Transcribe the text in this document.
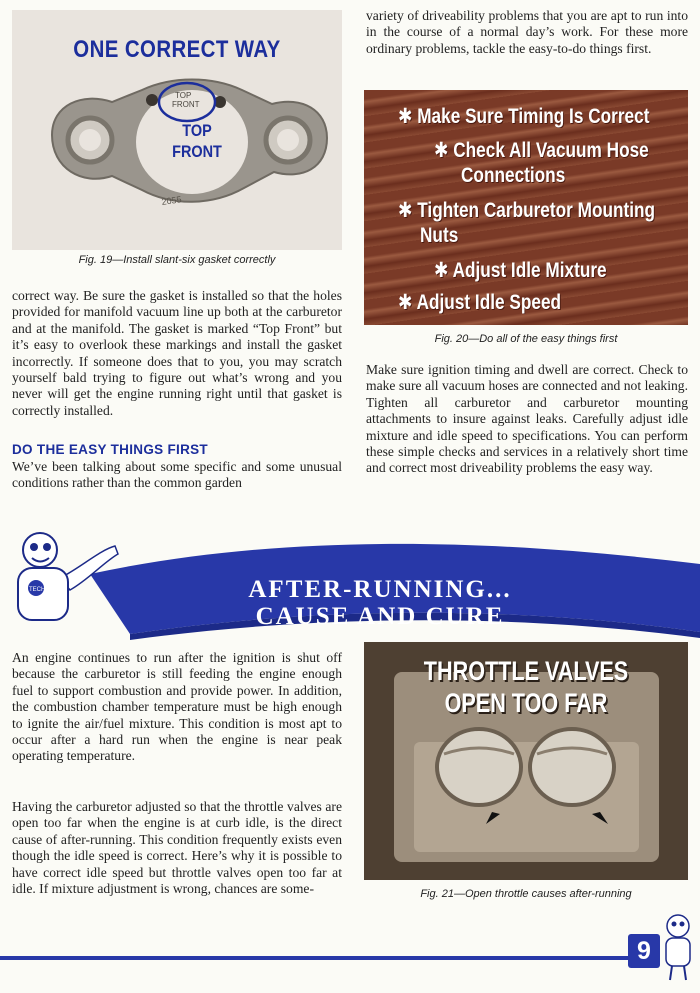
ONE CORRECT WAY
TOP
FRONT
2055
TOP
FRONT
Fig. 19—Install slant-six gasket correctly

correct way. Be sure the gasket is installed so that the holes provided for manifold vacuum line up both at the carburetor and at the manifold. The gasket is marked “Top Front” but it’s easy to overlook these markings and install the gasket incorrectly. If someone does that to you, you may scratch yourself bald trying to figure out what’s wrong and you never will get the engine running right until that gasket is correctly installed.

DO THE EASY THINGS FIRST

We’ve been talking about some specific and some unusual conditions rather than the common garden

variety of driveability problems that you are apt to run into in the course of a normal day’s work. For these more ordinary problems, tackle the easy-to-do things first.

✱ Make Sure Timing Is Correct
✱ Check All Vacuum Hose
Connections
✱ Tighten Carburetor Mounting
Nuts
✱ Adjust Idle Mixture
✱ Adjust Idle Speed
Fig. 20—Do all of the easy things first

Make sure ignition timing and dwell are correct. Check to make sure all vacuum hoses are connected and not leaking. Tighten all carburetor and carburetor mounting attachments to insure against leaks. Carefully adjust idle mixture and idle speed to specifications. You can perform these simple checks and services in a relatively short time and correct most driveability problems the easy way.

TECH	AFTER-RUNNING...
CAUSE AND CURE

An engine continues to run after the ignition is shut off because the carburetor is still feeding the engine enough fuel to support combustion and provide power. In addition, the combustion chamber temperature must be high enough to ignite the air/fuel mixture. This condition is most apt to occur after a hard run when the engine is near peak operating temperature.

Having the carburetor adjusted so that the throttle valves are open too far when the engine is at curb idle, is the direct cause of after-running. This condition frequently exists even though the idle speed is correct. Here’s why it is possible to have correct idle speed but throttle valves open too far at idle. If mixture adjustment is wrong, chances are some-

THROTTLE VALVES
OPEN TOO FAR
Fig. 21—Open throttle causes after-running
9
